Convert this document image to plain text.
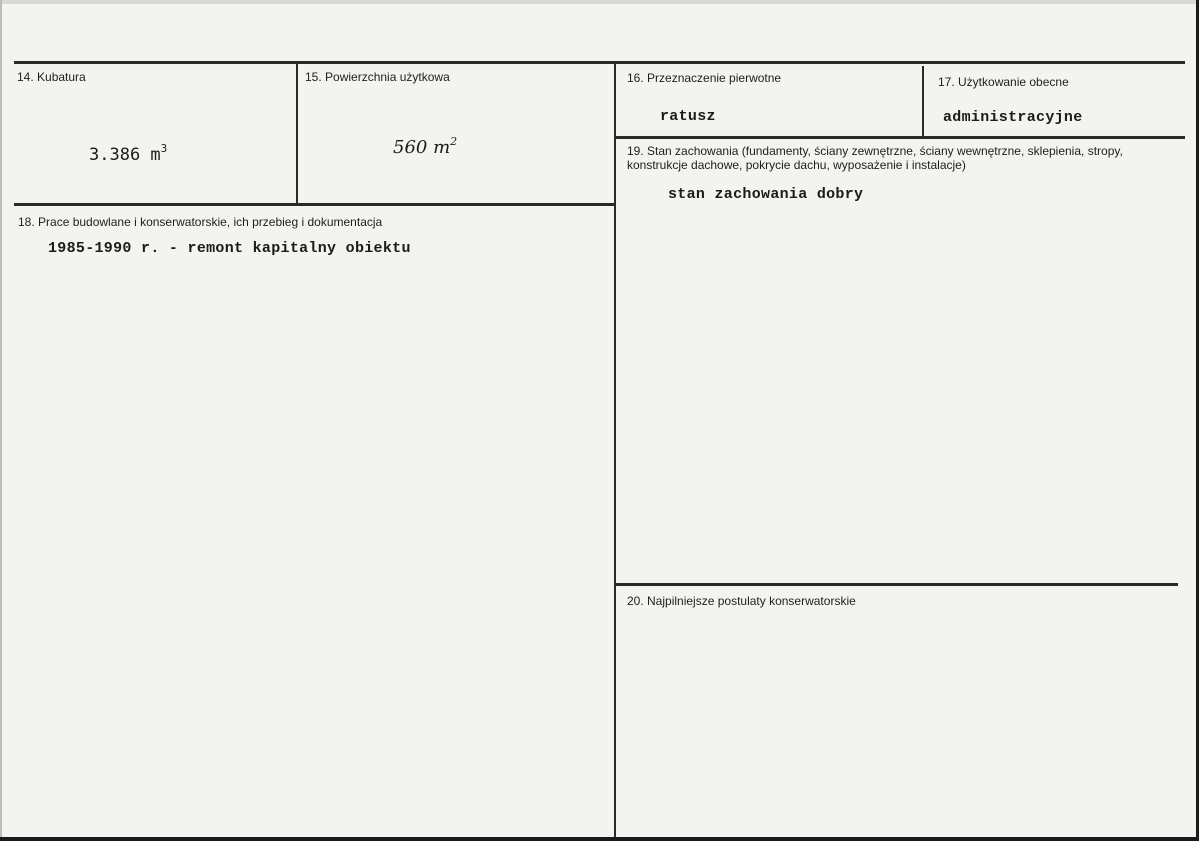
14. Kubatura
3.386 $m^3$
15. Powierzchnia użytkowa
560 $m^2$
16. Przeznaczenie pierwotne
ratusz
17. Użytkowanie obecne
administracyjne
18. Prace budowlane i konserwatorskie, ich przebieg i dokumentacja
1985-1990 r. - remont kapitalny obiektu
19. Stan zachowania (fundamenty, ściany zewnętrzne, ściany wewnętrzne, sklepienia, stropy, konstrukcje dachowe, pokrycie dachu, wyposażenie i instalacje)
stan zachowania dobry
20. Najpilniejsze postulaty konserwatorskie
